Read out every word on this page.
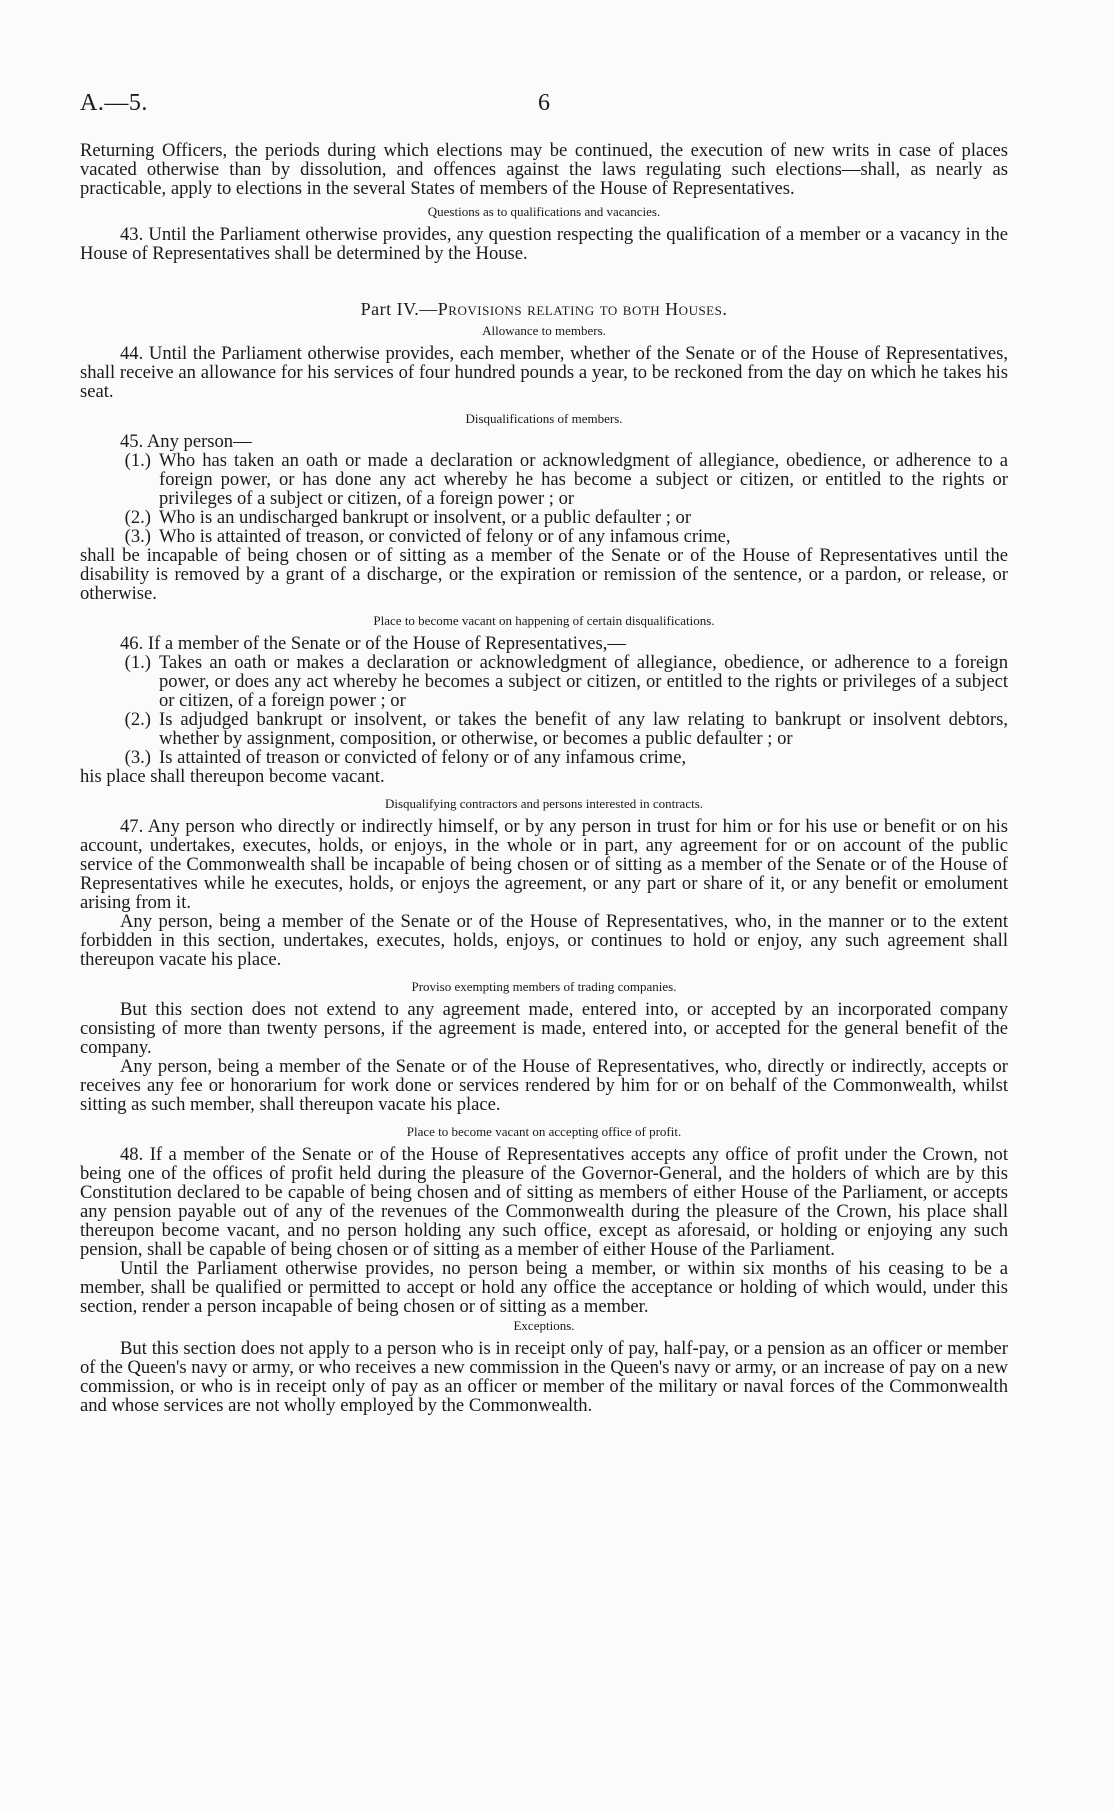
A.—5.	6

Returning Officers, the periods during which elections may be continued, the execution of new writs in case of places vacated otherwise than by dissolution, and offences against the laws regulating such elections—shall, as nearly as practicable, apply to elections in the several States of members of the House of Representatives.

Questions as to qualifications and vacancies.

43. Until the Parliament otherwise provides, any question respecting the qualification of a member or a vacancy in the House of Representatives shall be determined by the House.

Part IV.—Provisions relating to both Houses.

Allowance to members.

44. Until the Parliament otherwise provides, each member, whether of the Senate or of the House of Representatives, shall receive an allowance for his services of four hundred pounds a year, to be reckoned from the day on which he takes his seat.

Disqualifications of members.

45. Any person—

(1.) Who has taken an oath or made a declaration or acknowledgment of allegiance, obedience, or adherence to a foreign power, or has done any act whereby he has become a subject or citizen, or entitled to the rights or privileges of a subject or citizen, of a foreign power ; or
(2.) Who is an undischarged bankrupt or insolvent, or a public defaulter ; or
(3.) Who is attainted of treason, or convicted of felony or of any infamous crime,

shall be incapable of being chosen or of sitting as a member of the Senate or of the House of Representatives until the disability is removed by a grant of a discharge, or the expiration or remission of the sentence, or a pardon, or release, or otherwise.

Place to become vacant on happening of certain disqualifications.

46. If a member of the Senate or of the House of Representatives,—

(1.) Takes an oath or makes a declaration or acknowledgment of allegiance, obedience, or adherence to a foreign power, or does any act whereby he becomes a subject or citizen, or entitled to the rights or privileges of a subject or citizen, of a foreign power ; or
(2.) Is adjudged bankrupt or insolvent, or takes the benefit of any law relating to bankrupt or insolvent debtors, whether by assignment, composition, or otherwise, or becomes a public defaulter ; or
(3.) Is attainted of treason or convicted of felony or of any infamous crime,

his place shall thereupon become vacant.

Disqualifying contractors and persons interested in contracts.

47. Any person who directly or indirectly himself, or by any person in trust for him or for his use or benefit or on his account, undertakes, executes, holds, or enjoys, in the whole or in part, any agreement for or on account of the public service of the Commonwealth shall be incapable of being chosen or of sitting as a member of the Senate or of the House of Representatives while he executes, holds, or enjoys the agreement, or any part or share of it, or any benefit or emolument arising from it.

Any person, being a member of the Senate or of the House of Representatives, who, in the manner or to the extent forbidden in this section, undertakes, executes, holds, enjoys, or continues to hold or enjoy, any such agreement shall thereupon vacate his place.

Proviso exempting members of trading companies.

But this section does not extend to any agreement made, entered into, or accepted by an incorporated company consisting of more than twenty persons, if the agreement is made, entered into, or accepted for the general benefit of the company.

Any person, being a member of the Senate or of the House of Representatives, who, directly or indirectly, accepts or receives any fee or honorarium for work done or services rendered by him for or on behalf of the Commonwealth, whilst sitting as such member, shall thereupon vacate his place.

Place to become vacant on accepting office of profit.

48. If a member of the Senate or of the House of Representatives accepts any office of profit under the Crown, not being one of the offices of profit held during the pleasure of the Governor-General, and the holders of which are by this Constitution declared to be capable of being chosen and of sitting as members of either House of the Parliament, or accepts any pension payable out of any of the revenues of the Commonwealth during the pleasure of the Crown, his place shall thereupon become vacant, and no person holding any such office, except as aforesaid, or holding or enjoying any such pension, shall be capable of being chosen or of sitting as a member of either House of the Parliament.

Until the Parliament otherwise provides, no person being a member, or within six months of his ceasing to be a member, shall be qualified or permitted to accept or hold any office the acceptance or holding of which would, under this section, render a person incapable of being chosen or of sitting as a member.

Exceptions.

But this section does not apply to a person who is in receipt only of pay, half-pay, or a pension as an officer or member of the Queen's navy or army, or who receives a new commission in the Queen's navy or army, or an increase of pay on a new commission, or who is in receipt only of pay as an officer or member of the military or naval forces of the Commonwealth and whose services are not wholly employed by the Commonwealth.
